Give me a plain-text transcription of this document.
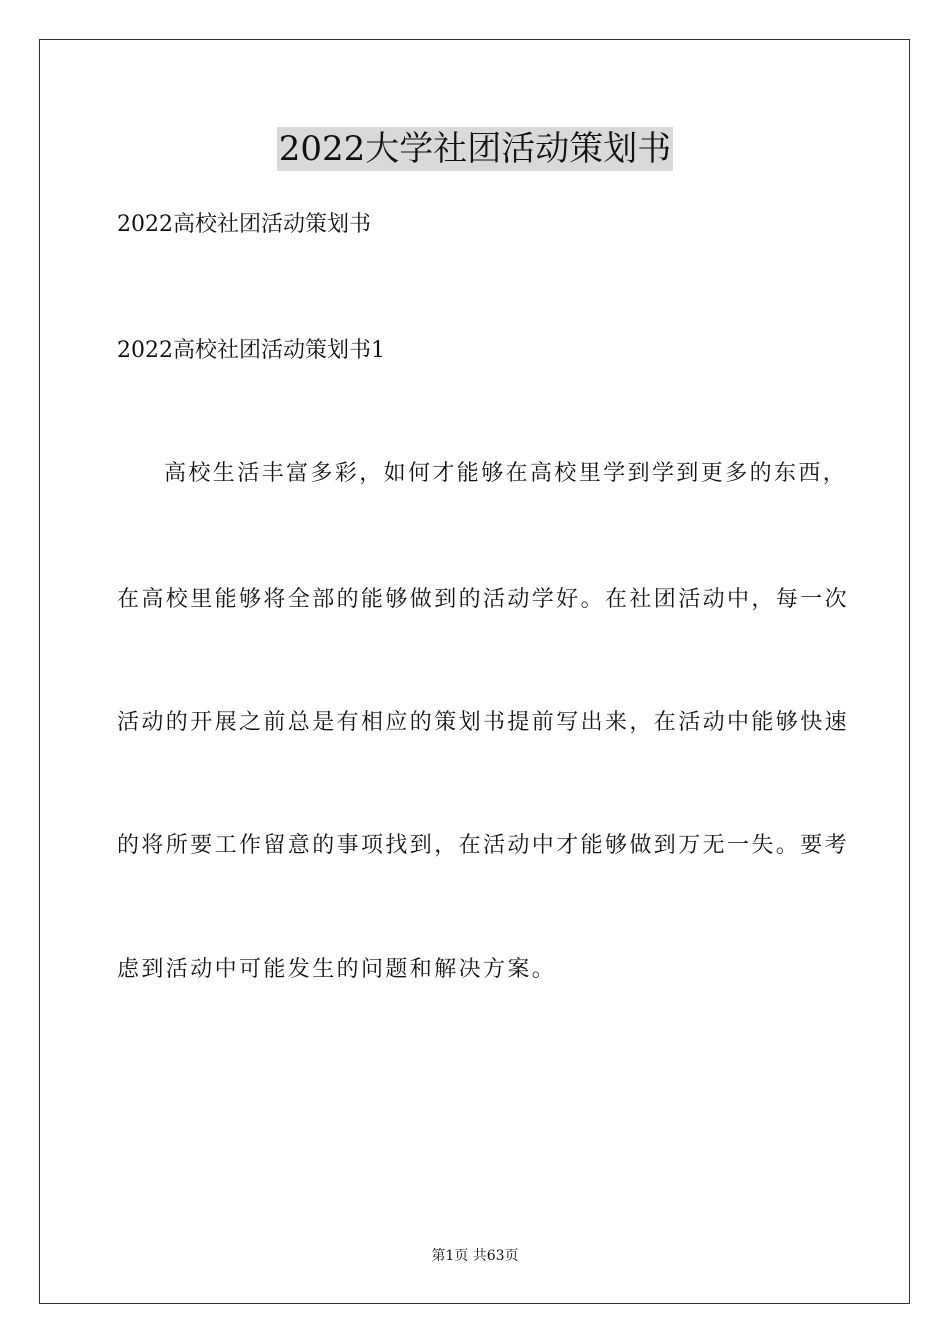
2022大学社团活动策划书
2022高校社团活动策划书
2022高校社团活动策划书1
高校生活丰富多彩，如何才能够在高校里学到学到更多的东西，
在高校里能够将全部的能够做到的活动学好。在社团活动中，每一次
活动的开展之前总是有相应的策划书提前写出来，在活动中能够快速
的将所要工作留意的事项找到，在活动中才能够做到万无一失。要考
虑到活动中可能发生的问题和解决方案。
第1页 共63页
